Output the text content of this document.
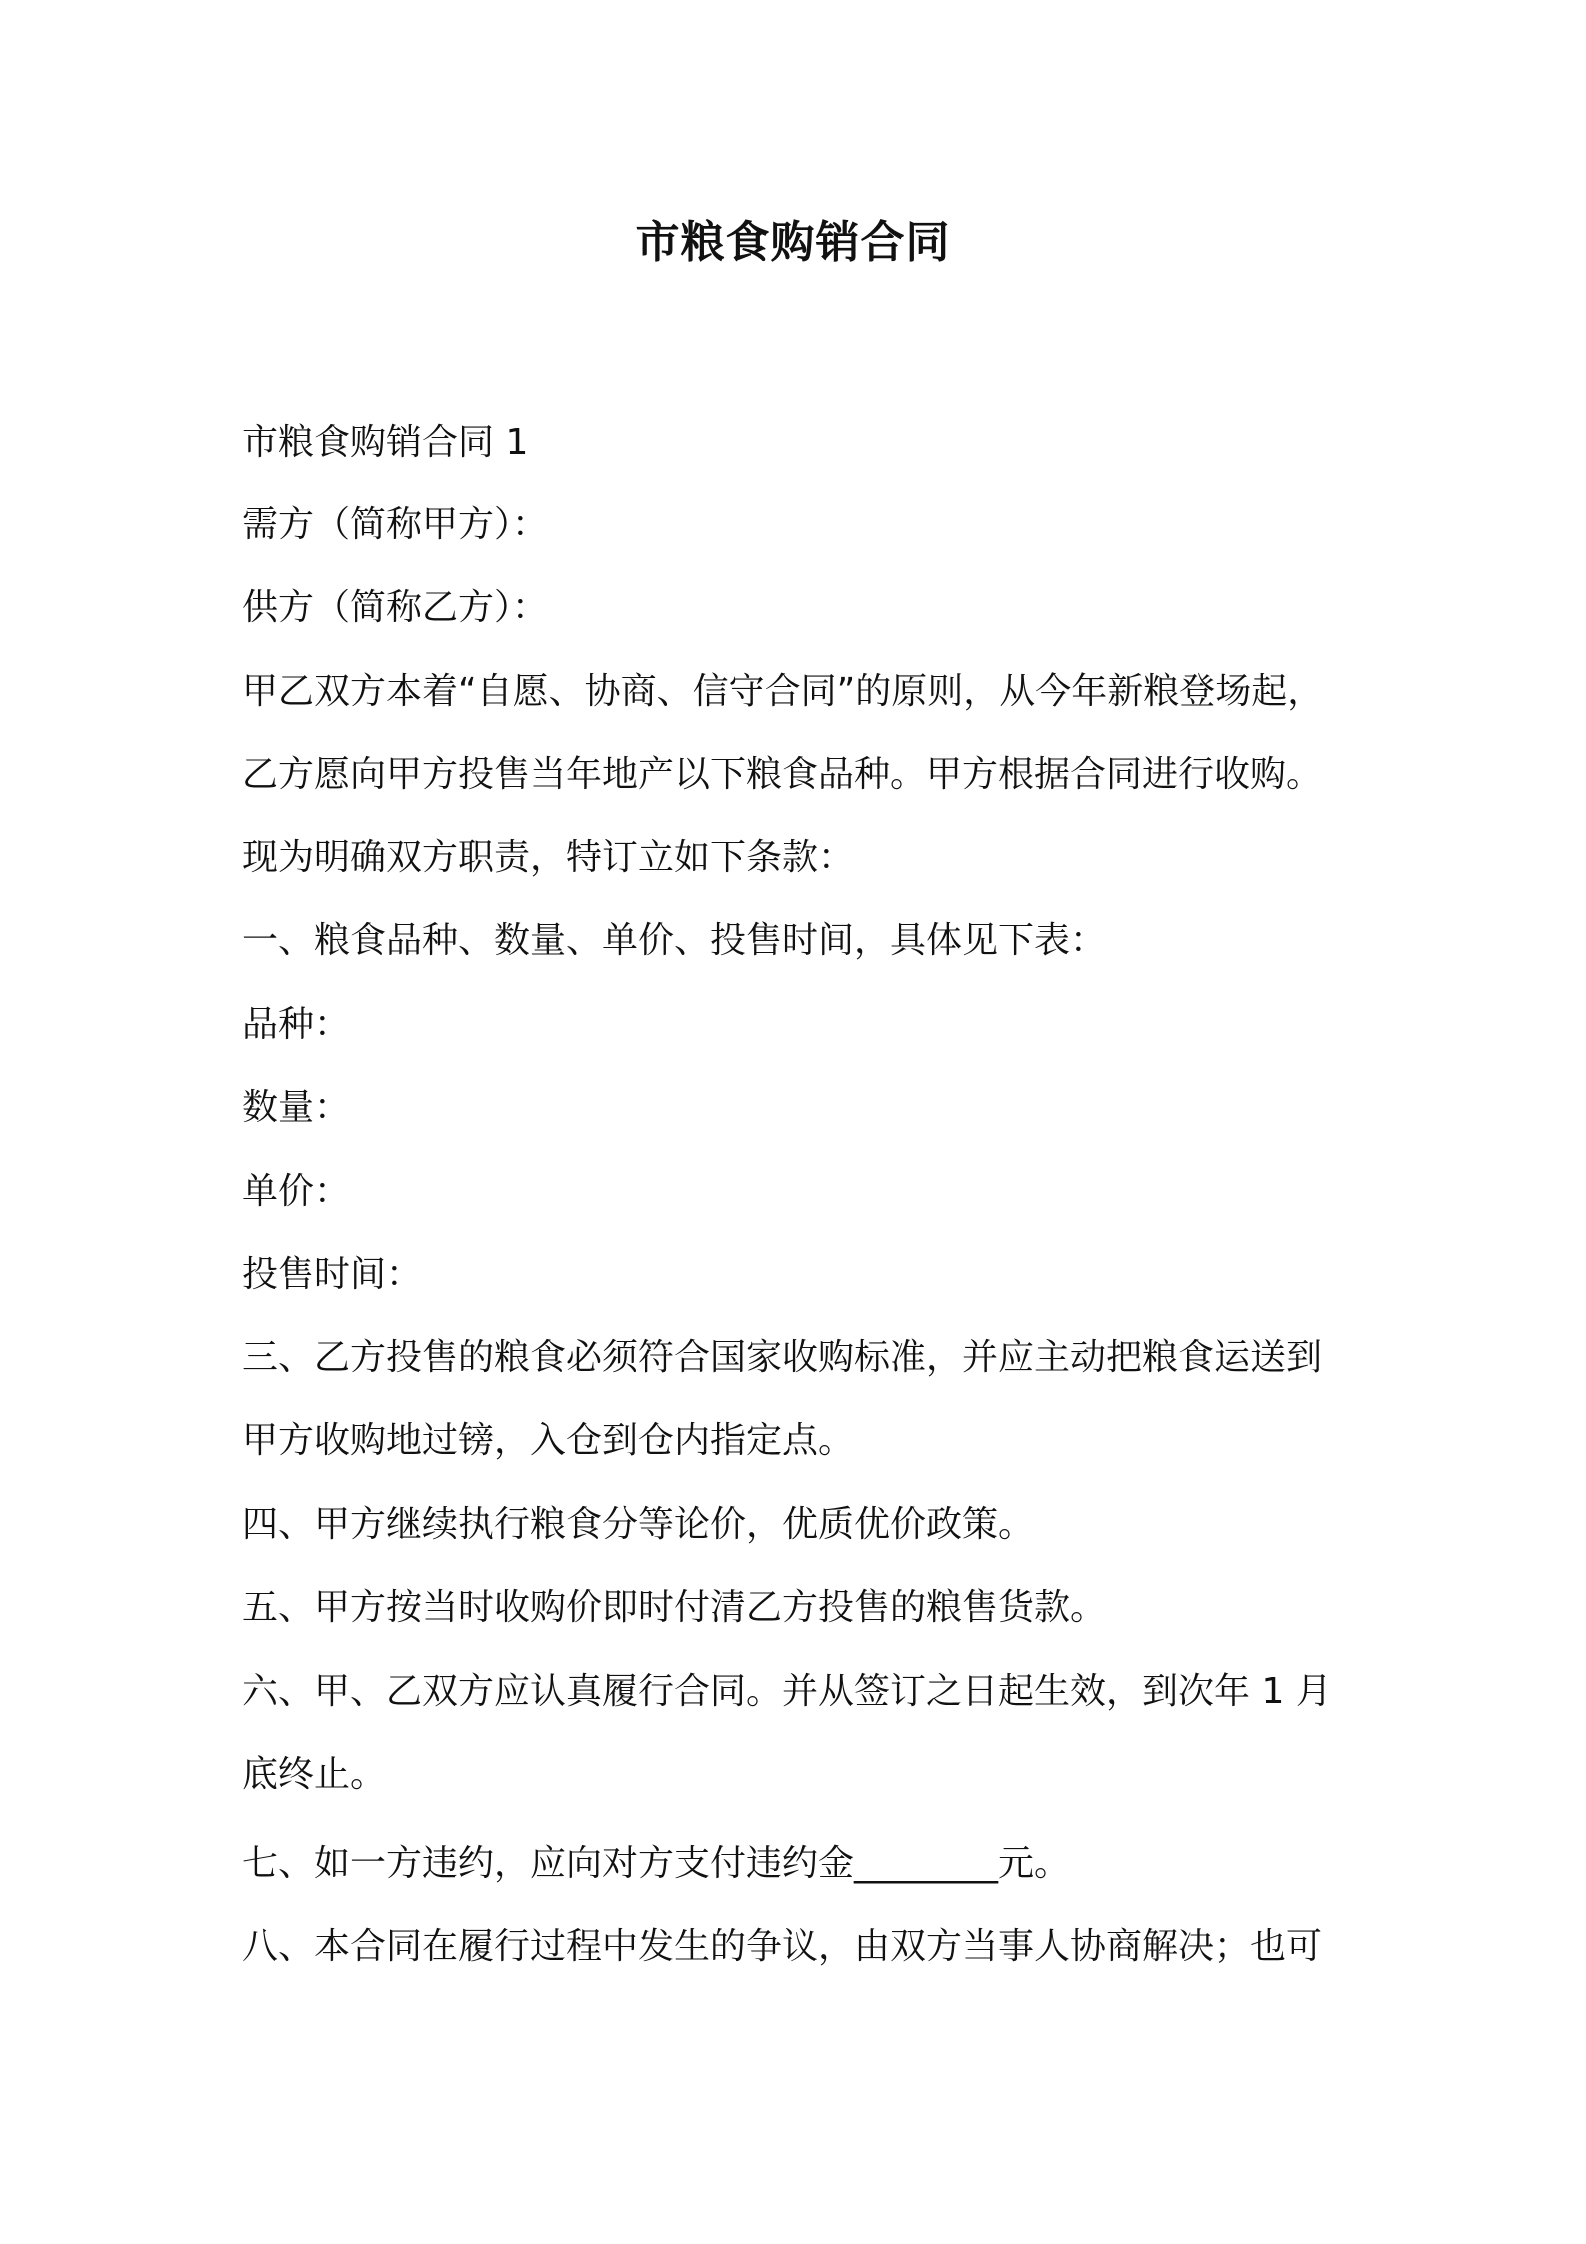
市粮食购销合同
市粮食购销合同 1
需方（简称甲方）：
供方（简称乙方）：
甲乙双方本着“自愿、协商、信守合同”的原则，从今年新粮登场起，
乙方愿向甲方投售当年地产以下粮食品种。甲方根据合同进行收购。
现为明确双方职责，特订立如下条款：
一、粮食品种、数量、单价、投售时间，具体见下表：
品种：
数量：
单价：
投售时间：
三、乙方投售的粮食必须符合国家收购标准，并应主动把粮食运送到
甲方收购地过镑，入仓到仓内指定点。
四、甲方继续执行粮食分等论价，优质优价政策。
五、甲方按当时收购价即时付清乙方投售的粮售货款。
六、甲、乙双方应认真履行合同。并从签订之日起生效，到次年 1 月
底终止。
七、如一方违约，应向对方支付违约金________元。
八、本合同在履行过程中发生的争议，由双方当事人协商解决；也可
